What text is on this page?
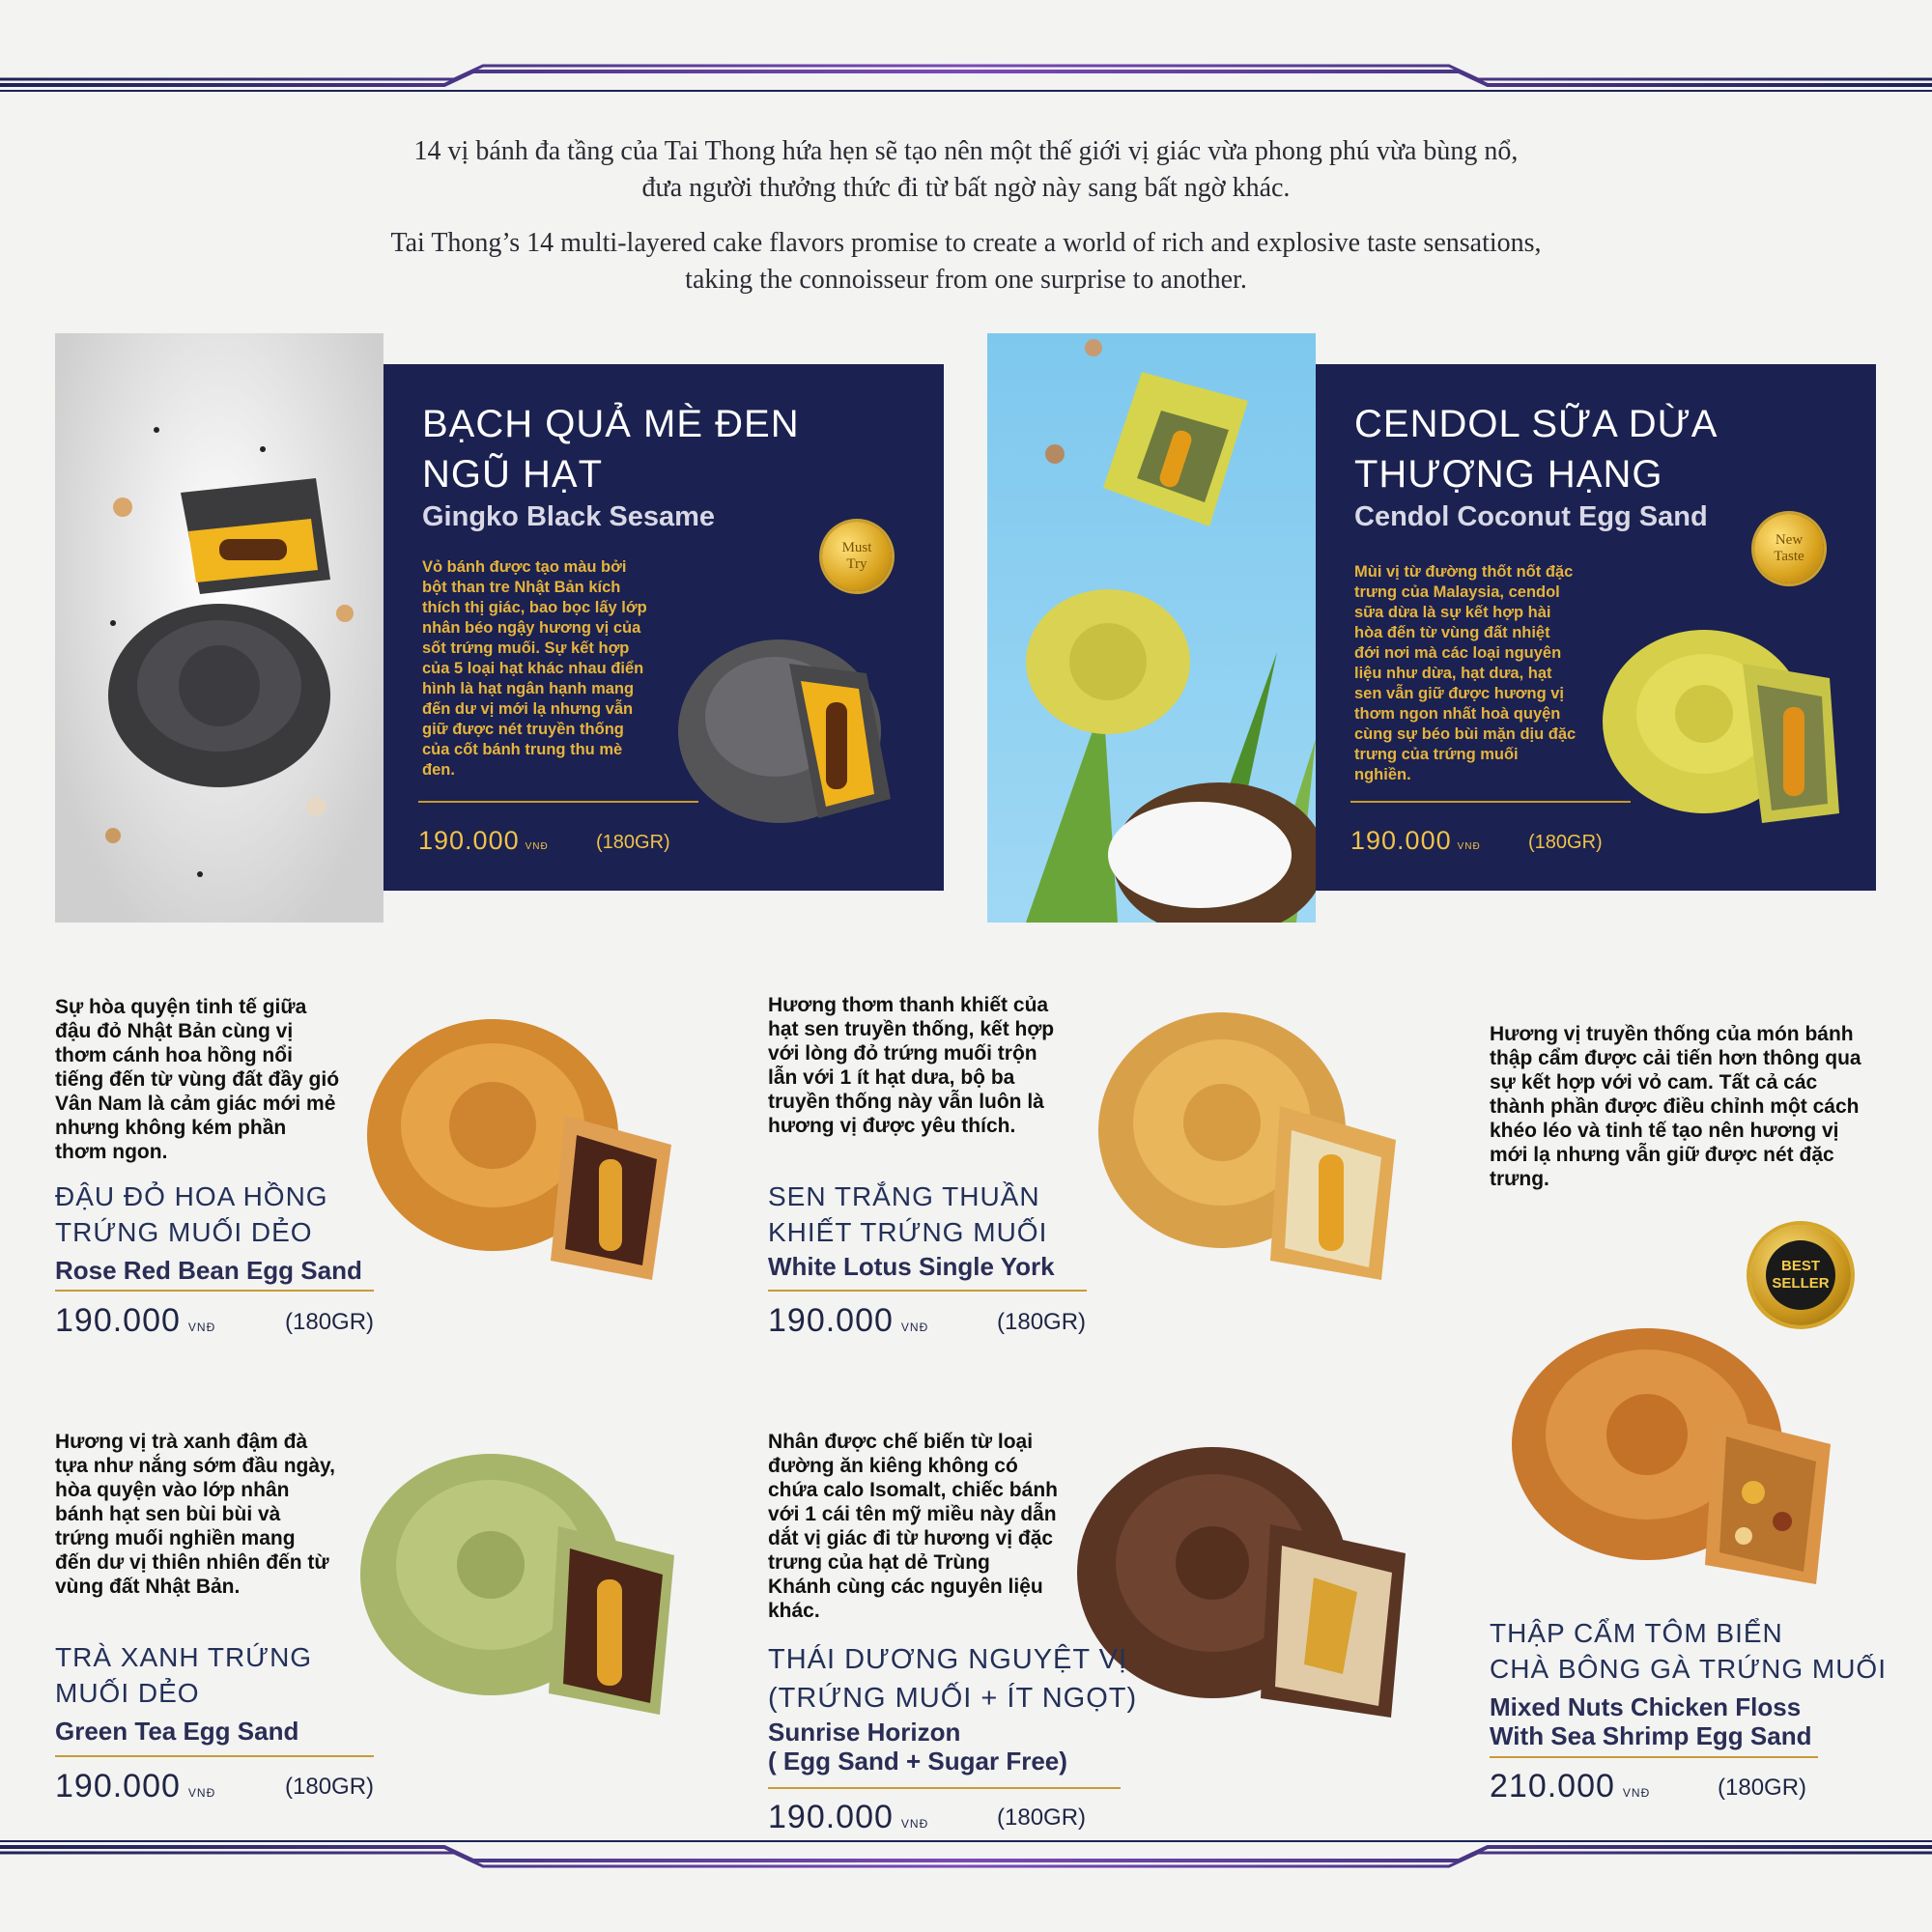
14 vị bánh đa tầng của Tai Thong hứa hẹn sẽ tạo nên một thế giới vị giác vừa phong phú vừa bùng nổ,
đưa người thưởng thức đi từ bất ngờ này sang bất ngờ khác.
Tai Thong’s 14 multi-layered cake flavors promise to create a world of rich and explosive taste sensations,
taking the connoisseur from one surprise to another.
BẠCH QUẢ MÈ ĐEN
NGŨ HẠT
Gingko Black Sesame
Vỏ bánh được tạo màu bởi bột than tre Nhật Bản kích thích thị giác, bao bọc lấy lớp nhân béo ngậy hương vị của sốt trứng muối. Sự kết hợp của 5 loại hạt khác nhau điển hình là hạt ngân hạnh mang đến dư vị mới lạ nhưng vẫn giữ được nét truyền thống của cốt bánh trung thu mè đen.
Must
Try
190.000 VNĐ (180GR)
CENDOL SỮA DỪA
THƯỢNG HẠNG
Cendol Coconut Egg Sand
Mùi vị từ đường thốt nốt đặc trưng của Malaysia, cendol sữa dừa là sự kết hợp hài hòa đến từ vùng đất nhiệt đới nơi mà các loại nguyên liệu như dừa, hạt dưa, hạt sen vẫn giữ được hương vị thơm ngon nhất hoà quyện cùng sự béo bùi mặn dịu đặc trưng của trứng muối nghiền.
New
Taste
190.000 VNĐ (180GR)
Sự hòa quyện tinh tế giữa đậu đỏ Nhật Bản cùng vị thơm cánh hoa hồng nổi tiếng đến từ vùng đất đầy gió Vân Nam là cảm giác mới mẻ nhưng không kém phần thơm ngon.
ĐẬU ĐỎ HOA HỒNG
TRỨNG MUỐI DẺO
Rose Red Bean Egg Sand
190.000 VNĐ	(180GR)
Hương thơm thanh khiết của hạt sen truyền thống, kết hợp với lòng đỏ trứng muối trộn lẫn với 1 ít hạt dưa, bộ ba truyền thống này vẫn luôn là hương vị được yêu thích.
SEN TRẮNG THUẦN
KHIẾT TRỨNG MUỐI
White Lotus Single York
190.000 VNĐ	(180GR)
Hương vị truyền thống của món bánh thập cẩm được cải tiến hơn thông qua sự kết hợp với vỏ cam. Tất cả các thành phần được điều chỉnh một cách khéo léo và tinh tế tạo nên hương vị mới lạ nhưng vẫn giữ được nét đặc trưng.
BEST
SELLER
THẬP CẨM TÔM BIỂN
CHÀ BÔNG GÀ TRỨNG MUỐI
Mixed Nuts Chicken Floss
With Sea Shrimp Egg Sand
210.000 VNĐ	(180GR)
Hương vị trà xanh đậm đà tựa như nắng sớm đầu ngày, hòa quyện vào lớp nhân bánh hạt sen bùi bùi và trứng muối nghiền mang đến dư vị thiên nhiên đến từ vùng đất Nhật Bản.
TRÀ XANH TRỨNG
MUỐI DẺO
Green Tea Egg Sand
190.000 VNĐ	(180GR)
Nhân được chế biến từ loại đường ăn kiêng không có chứa calo Isomalt, chiếc bánh với 1 cái tên mỹ miều này dẫn dắt vị giác đi từ hương vị đặc trưng của hạt dẻ Trùng Khánh cùng các nguyên liệu khác.
THÁI DƯƠNG NGUYỆT VỊ
(TRỨNG MUỐI + ÍT NGỌT)
Sunrise Horizon
( Egg Sand + Sugar Free)
190.000 VNĐ	(180GR)
